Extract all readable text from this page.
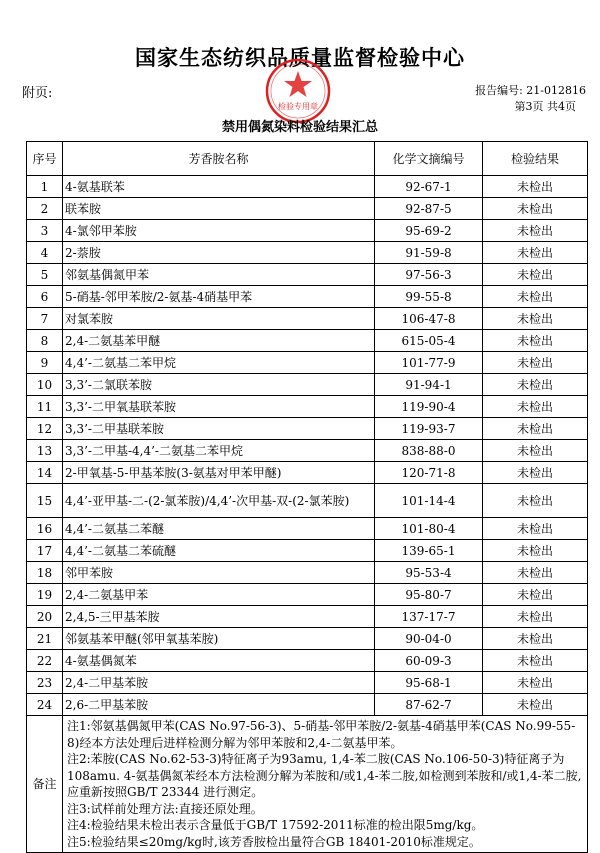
国家生态纺织品质量监督检验中心
检验专用章
附页:	报告编号: 21-012816
第3页 共4页
禁用偶氮染料检验结果汇总
序号	芳香胺名称	化学文摘编号	检验结果
1	4-氨基联苯	92-67-1	未检出
2	联苯胺	92-87-5	未检出
3	4-氯邻甲苯胺	95-69-2	未检出
4	2-萘胺	91-59-8	未检出
5	邻氨基偶氮甲苯	97-56-3	未检出
6	5-硝基-邻甲苯胺/2-氨基-4硝基甲苯	99-55-8	未检出
7	对氯苯胺	106-47-8	未检出
8	2,4-二氨基苯甲醚	615-05-4	未检出
9	4,4’-二氨基二苯甲烷	101-77-9	未检出
10	3,3’-二氯联苯胺	91-94-1	未检出
11	3,3’-二甲氧基联苯胺	119-90-4	未检出
12	3,3’-二甲基联苯胺	119-93-7	未检出
13	3,3’-二甲基-4,4’-二氨基二苯甲烷	838-88-0	未检出
14	2-甲氧基-5-甲基苯胺(3-氨基对甲苯甲醚)	120-71-8	未检出
15	4,4’-亚甲基-二-(2-氯苯胺)/4,4’-次甲基-双-(2-氯苯胺)	101-14-4	未检出
16	4,4’-二氨基二苯醚	101-80-4	未检出
17	4,4’-二氨基二苯硫醚	139-65-1	未检出
18	邻甲苯胺	95-53-4	未检出
19	2,4-二氨基甲苯	95-80-7	未检出
20	2,4,5-三甲基苯胺	137-17-7	未检出
21	邻氨基苯甲醚(邻甲氧基苯胺)	90-04-0	未检出
22	4-氨基偶氮苯	60-09-3	未检出
23	2,4-二甲基苯胺	95-68-1	未检出
24	2,6-二甲基苯胺	87-62-7	未检出
备注	注1:邻氨基偶氮甲苯(CAS No.97-56-3)、5-硝基-邻甲苯胺/2-氨基-4硝基甲苯(CAS No.99-55-8)经本方法处理后进样检测分解为邻甲苯胺和2,4-二氨基甲苯。
注2:苯胺(CAS No.62-53-3)特征离子为93amu, 1,4-苯二胺(CAS No.106-50-3)特征离子为108amu. 4-氨基偶氮苯经本方法检测分解为苯胺和/或1,4-苯二胺,如检测到苯胺和/或1,4-苯二胺,应重新按照GB/T 23344 进行测定。
注3:试样前处理方法:直接还原处理。
注4:检验结果未检出表示含量低于GB/T 17592-2011标准的检出限5mg/kg。
注5:检验结果≤20mg/kg时,该芳香胺检出量符合GB 18401-2010标准规定。		
